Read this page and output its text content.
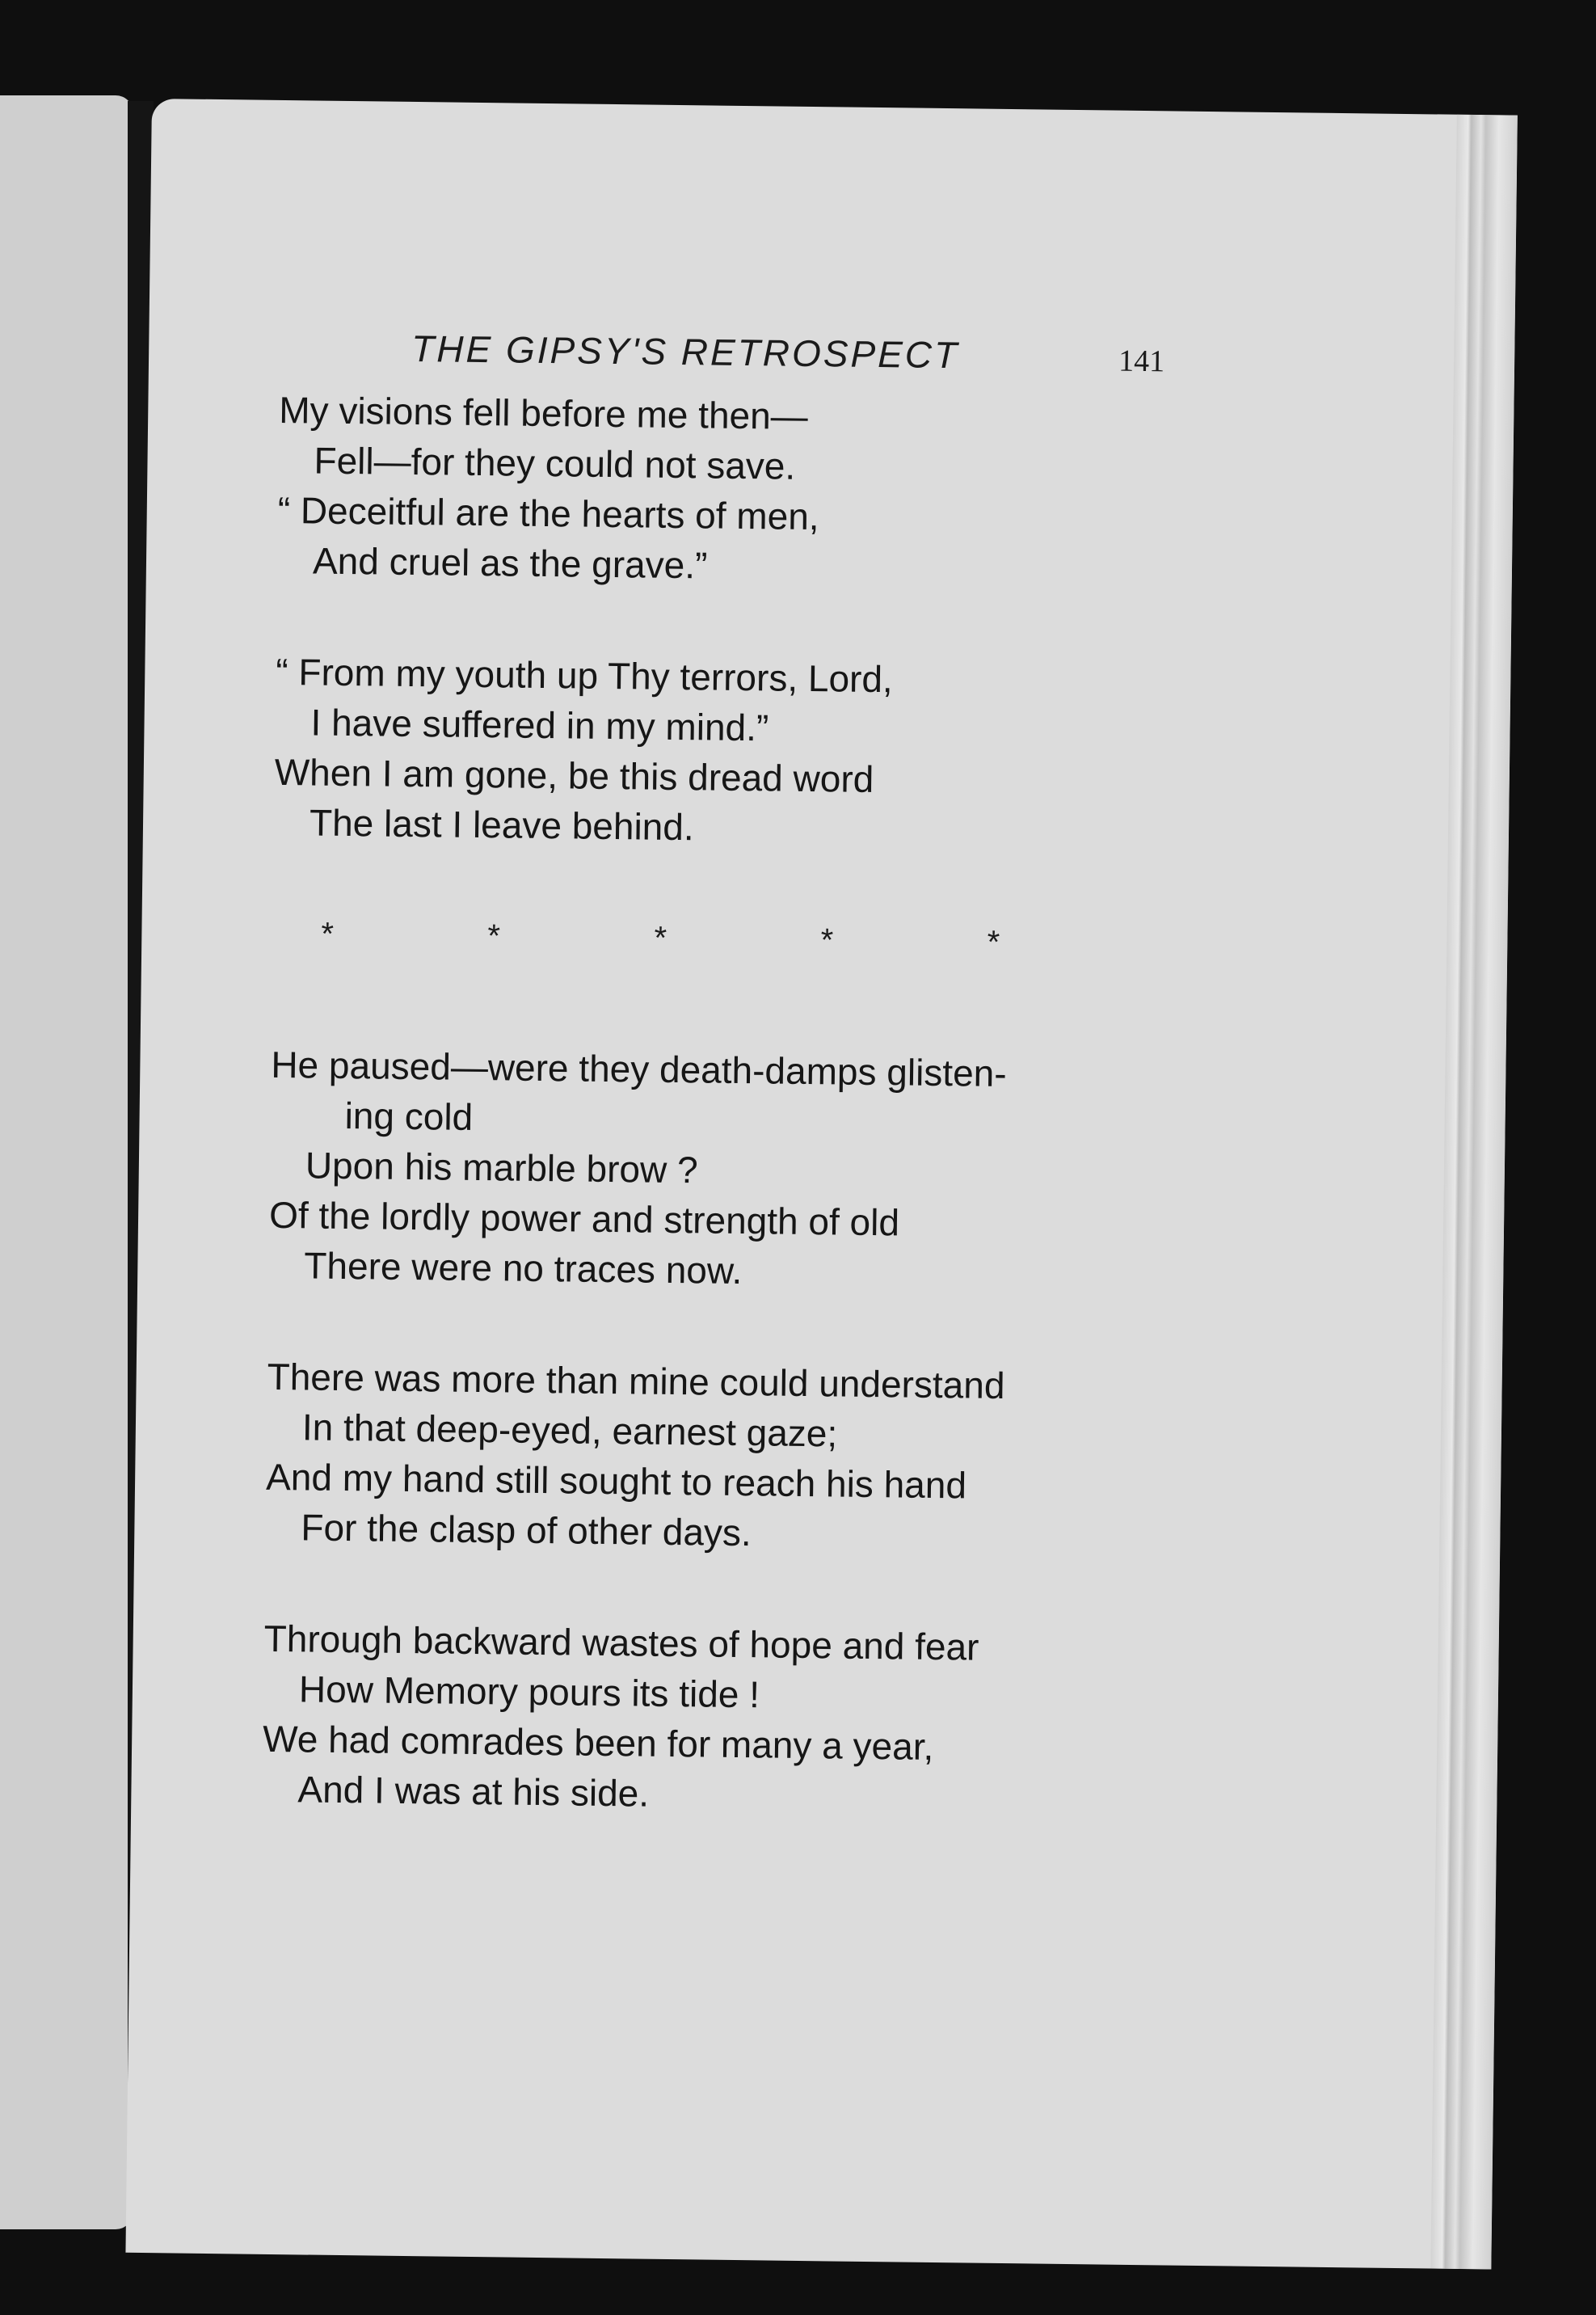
THE GIPSY'S RETROSPECT	141
My visions fell before me then—
Fell—for they could not save.
“ Deceitful are the hearts of men,
And cruel as the grave.”
“ From my youth up Thy terrors, Lord,
I have suffered in my mind.”
When I am gone, be this dread word
The last I leave behind.
*	*	*	*	*
He paused—were they death-damps glisten-
ing cold
Upon his marble brow ?
Of the lordly power and strength of old
There were no traces now.
There was more than mine could understand
In that deep-eyed, earnest gaze;
And my hand still sought to reach his hand
For the clasp of other days.
Through backward wastes of hope and fear
How Memory pours its tide !
We had comrades been for many a year,
And I was at his side.
